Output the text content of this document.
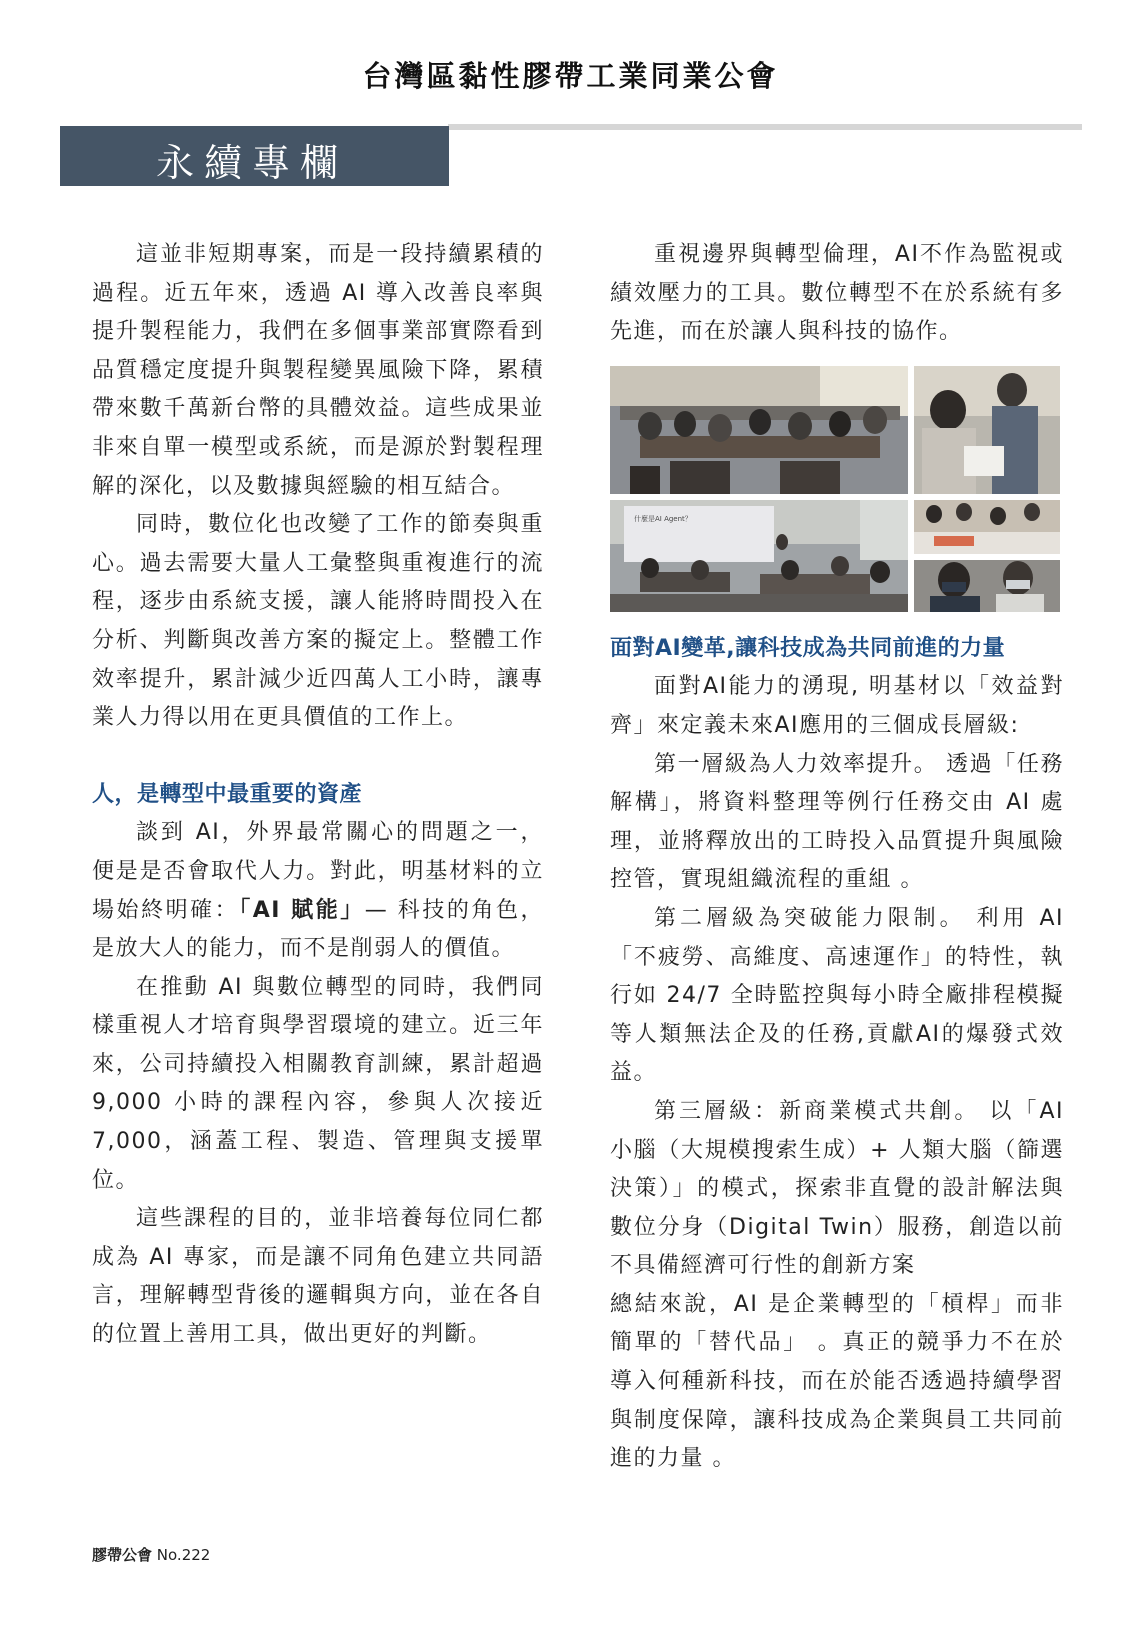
台灣區黏性膠帶工業同業公會
永續專欄

這並非短期專案，而是一段持續累積的過程。近五年來，透過 AI 導入改善良率與提升製程能力，我們在多個事業部實際看到品質穩定度提升與製程變異風險下降，累積帶來數千萬新台幣的具體效益。這些成果並非來自單一模型或系統，而是源於對製程理解的深化，以及數據與經驗的相互結合。

同時，數位化也改變了工作的節奏與重心。過去需要大量人工彙整與重複進行的流程，逐步由系統支援，讓人能將時間投入在分析、判斷與改善方案的擬定上。整體工作效率提升，累計減少近四萬人工小時，讓專業人力得以用在更具價值的工作上。

人，是轉型中最重要的資產

談到 AI，外界最常關心的問題之一，便是是否會取代人力。對此，明基材料的立場始終明確：「AI 賦能」— 科技的角色，是放大人的能力，而不是削弱人的價值。

在推動 AI 與數位轉型的同時，我們同樣重視人才培育與學習環境的建立。近三年來，公司持續投入相關教育訓練，累計超過 9,000 小時的課程內容，參與人次接近 7,000，涵蓋工程、製造、管理與支援單位。

這些課程的目的，並非培養每位同仁都成為 AI 專家，而是讓不同角色建立共同語言，理解轉型背後的邏輯與方向，並在各自的位置上善用工具，做出更好的判斷。

重視邊界與轉型倫理，AI不作為監視或績效壓力的工具。數位轉型不在於系統有多先進，而在於讓人與科技的協作。

什麼是AI Agent？
面對AI變革,讓科技成為共同前進的力量

面對AI能力的湧現, 明基材以「效益對齊」來定義未來AI應用的三個成長層級:

第一層級為人力效率提升。 透過「任務解構」，將資料整理等例行任務交由 AI 處理，並將釋放出的工時投入品質提升與風險控管，實現組織流程的重組 。

第二層級為突破能力限制。 利用 AI「不疲勞、高維度、高速運作」的特性，執行如 24/7 全時監控與每小時全廠排程模擬等人類無法企及的任務,貢獻AI的爆發式效益。

第三層級：新商業模式共創。 以「AI 小腦（大規模搜索生成）+ 人類大腦（篩選決策）」的模式，探索非直覺的設計解法與數位分身（Digital Twin）服務，創造以前不具備經濟可行性的創新方案

總結來說，AI 是企業轉型的「槓桿」而非簡單的「替代品」 。真正的競爭力不在於導入何種新科技，而在於能否透過持續學習與制度保障，讓科技成為企業與員工共同前進的力量 。

膠帶公會 No.222
